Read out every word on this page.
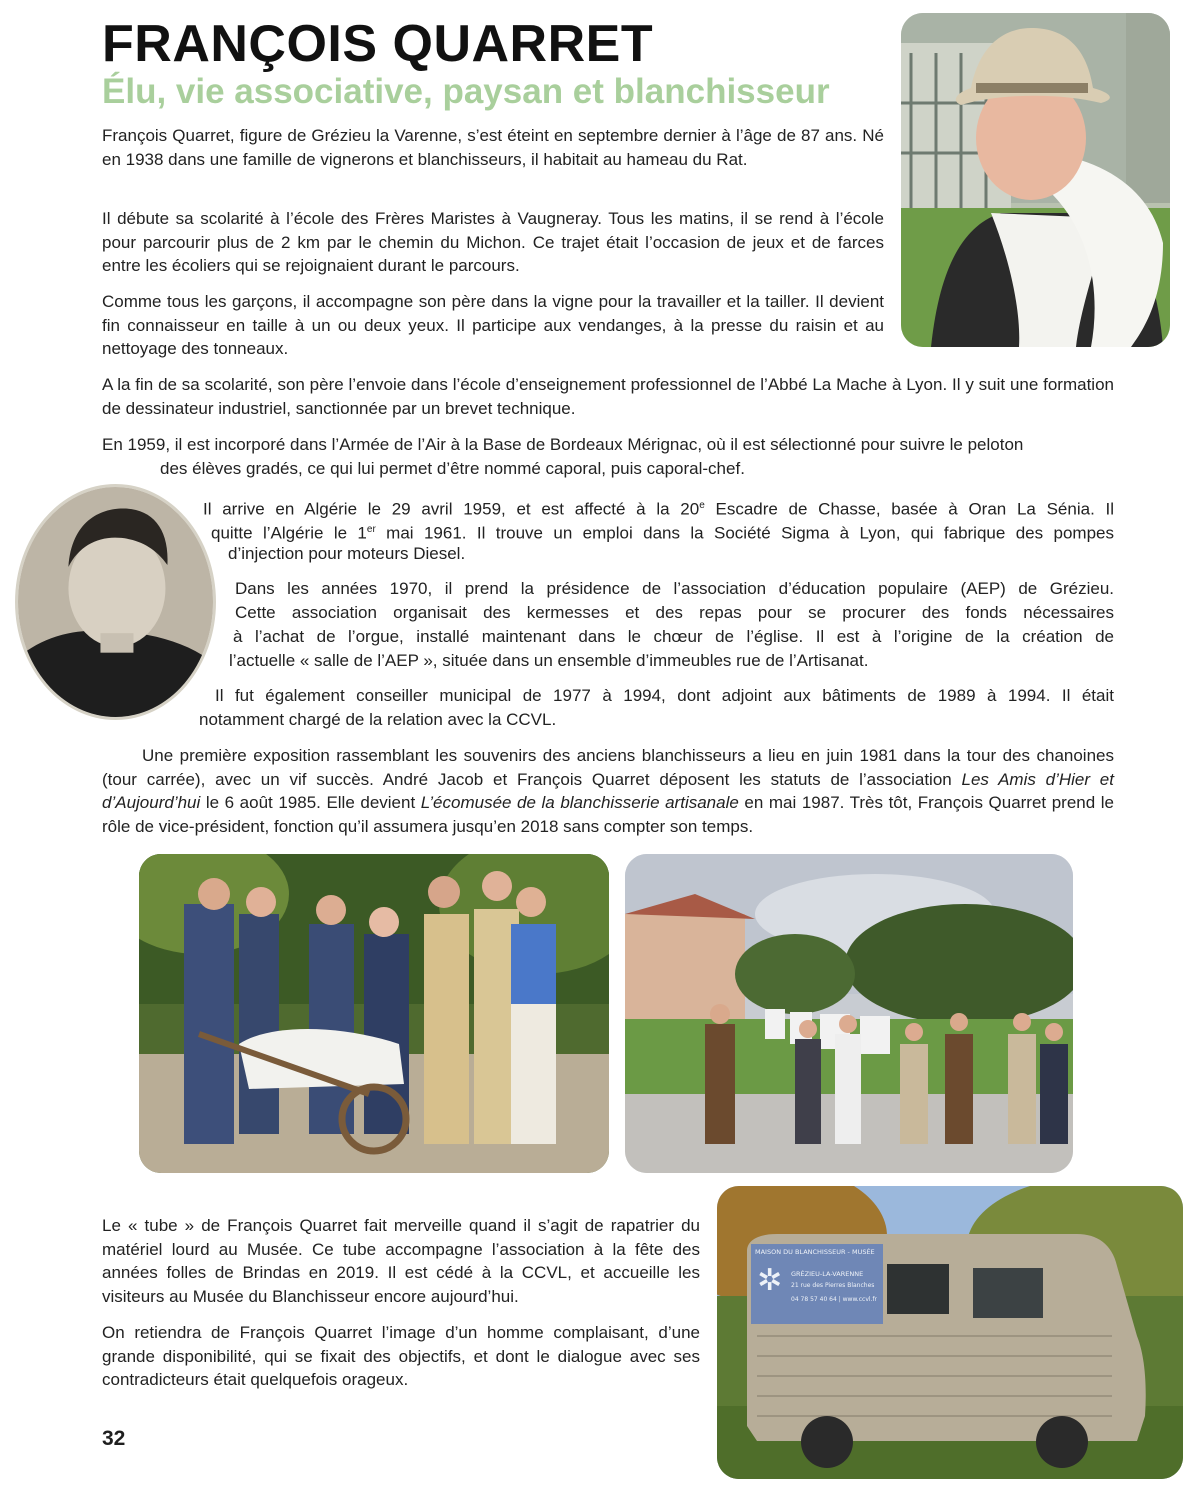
FRANÇOIS QUARRET
Élu, vie associative, paysan et blanchisseur

François Quarret, figure de Grézieu la Varenne, s’est éteint en septembre dernier à l’âge de 87 ans. Né en 1938 dans une famille de vignerons et blanchisseurs, il habitait au hameau du Rat.

Il débute sa scolarité à l’école des Frères Maristes à Vaugneray. Tous les matins, il se rend à l’école pour parcourir plus de 2 km par le chemin du Michon. Ce trajet était l’occasion de jeux et de farces entre les écoliers qui se rejoignaient durant le parcours.

Comme tous les garçons, il accompagne son père dans la vigne pour la travailler et la tailler. Il devient fin connaisseur en taille à un ou deux yeux. Il participe aux vendanges, à la presse du raisin et au nettoyage des tonneaux.

A la fin de sa scolarité, son père l’envoie dans l’école d’enseignement professionnel de l’Abbé La Mache à Lyon. Il y suit une formation de dessinateur industriel, sanctionnée par un brevet technique.

En 1959, il est incorporé dans l’Armée de l’Air à la Base de Bordeaux Mérignac, où il est sélectionné pour suivre le peloton

des élèves gradés, ce qui lui permet d’être nommé caporal, puis caporal-chef.

Il arrive en Algérie le 29 avril 1959, et est affecté à la 20e Escadre de Chasse, basée à Oran La Sénia. Il

quitte l’Algérie le 1er mai 1961. Il trouve un emploi dans la Société Sigma à Lyon, qui fabrique des pompes

d’injection pour moteurs Diesel.

Dans les années 1970, il prend la présidence de l’association d’éducation populaire (AEP) de Grézieu.

Cette association organisait des kermesses et des repas pour se procurer des fonds nécessaires

à l’achat de l’orgue, installé maintenant dans le chœur de l’église. Il est à l’origine de la création de

l’actuelle « salle de l’AEP », située dans un ensemble d’immeubles rue de l’Artisanat.

Il fut également conseiller municipal de 1977 à 1994, dont adjoint aux bâtiments de 1989 à 1994. Il était

notamment chargé de la relation avec la CCVL.

Une première exposition rassemblant les souvenirs des anciens blanchisseurs a lieu en juin 1981 dans la tour des chanoines (tour carrée), avec un vif succès. André Jacob et François Quarret déposent les statuts de l’association Les Amis d’Hier et d’Aujourd’hui le 6 août 1985. Elle devient L’écomusée de la blanchisserie artisanale en mai 1987. Très tôt, François Quarret prend le rôle de vice-président, fonction qu’il assumera jusqu’en 2018 sans compter son temps.

Le « tube » de François Quarret fait merveille quand il s’agit de rapatrier du matériel lourd au Musée. Ce tube accompagne l’association à la fête des années folles de Brindas en 2019. Il est cédé à la CCVL, et accueille les visiteurs au Musée du Blanchisseur encore aujourd’hui.

On retiendra de François Quarret l’image d’un homme complaisant, d’une grande disponibilité, qui se fixait des objectifs, et dont le dialogue avec ses contradicteurs était quelquefois orageux.

MAISON DU BLANCHISSEUR - MUSÉE
✲ GRÉZIEU-LA-VARENNE
21 rue des Pierres Blanches
04 78 57 40 64 | www.ccvl.fr
32
